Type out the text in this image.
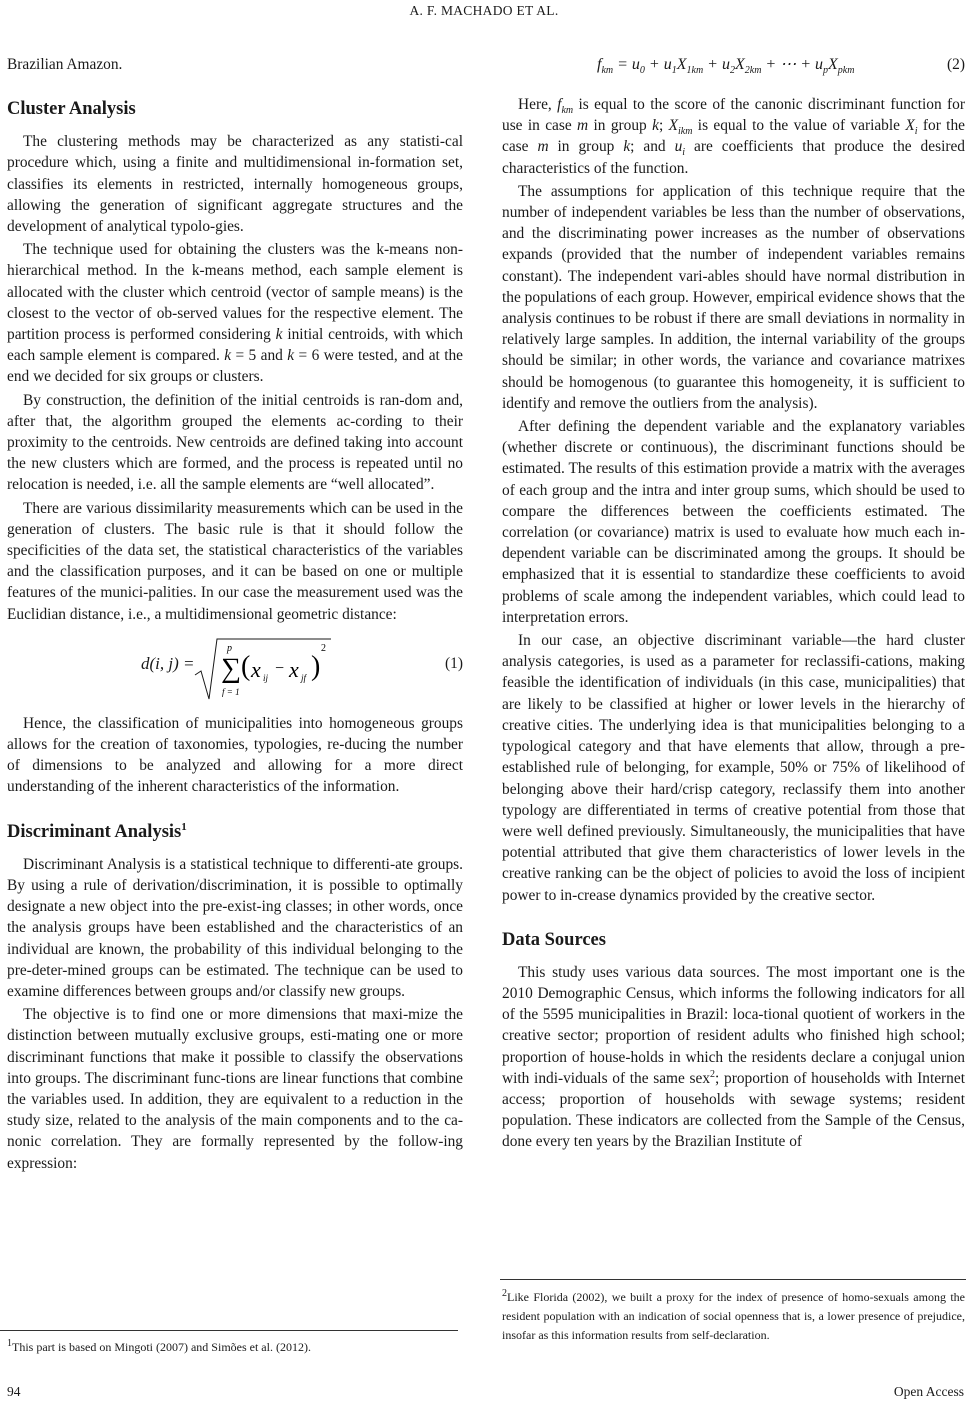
A. F. MACHADO ET AL.

Brazilian Amazon.

Cluster Analysis

The clustering methods may be characterized as any statisti-cal procedure which, using a finite and multidimensional in-formation set, classifies its elements in restricted, internally homogeneous groups, allowing the generation of significant aggregate structures and the development of analytical typolo-gies.

The technique used for obtaining the clusters was the k-means non-hierarchical method. In the k-means method, each sample element is allocated with the cluster which centroid (vector of sample means) is the closest to the vector of ob-served values for the respective element. The partition process is performed considering k initial centroids, with which each sample element is compared. k = 5 and k = 6 were tested, and at the end we decided for six groups or clusters.

By construction, the definition of the initial centroids is ran-dom and, after that, the algorithm grouped the elements ac-cording to their proximity to the centroids. New centroids are defined taking into account the new clusters which are formed, and the process is repeated until no relocation is needed, i.e. all the sample elements are “well allocated”.

There are various dissimilarity measurements which can be used in the generation of clusters. The basic rule is that it should follow the specificities of the data set, the statistical characteristics of the variables and the classification purposes, and it can be based on one or multiple features of the munici-palities. In our case the measurement used was the Euclidian distance, i.e., a multidimensional geometric distance:

d(i, j) =
p
∑
f = 1
( x ij
− x jf )
2
(1)

Hence, the classification of municipalities into homogeneous groups allows for the creation of taxonomies, typologies, re-ducing the number of dimensions to be analyzed and allowing for a more direct understanding of the inherent characteristics of the information.

Discriminant Analysis$^1$

Discriminant Analysis is a statistical technique to differenti-ate groups. By using a rule of derivation/discrimination, it is possible to optimally designate a new object into the pre-exist-ing classes; in other words, once the analysis groups have been established and the characteristics of an individual are known, the probability of this individual belonging to the pre-deter-mined groups can be estimated. The technique can be used to examine differences between groups and/or classify new groups.

The objective is to find one or more dimensions that maxi-mize the distinction between mutually exclusive groups, esti-mating one or more discriminant functions that make it possible to classify the observations into groups. The discriminant func-tions are linear functions that combine the variables used. In addition, they are equivalent to a reduction in the study size, related to the analysis of the main components and to the ca-nonic correlation. They are formally represented by the follow-ing expression:

$^1$This part is based on Mingoti (2007) and Simões et al. (2012).
$f_{km} = u_0 + u_1X_{1km} + u_2X_{2km}$ + ⋯ + $u_pX_{pkm}$	(2)

Here, $f_{km}$ is equal to the score of the canonic discriminant function for use in case m in group k; $X_{ikm}$ is equal to the value of variable $X_i$ for the case m in group k; and $u_i$ are coefficients that produce the desired characteristics of the function.

The assumptions for application of this technique require that the number of independent variables be less than the number of observations, and the discriminating power increases as the number of observations expands (provided that the number of independent variables remains constant). The independent vari-ables should have normal distribution in the populations of each group. However, empirical evidence shows that the analysis continues to be robust if there are small deviations in normality in relatively large samples. In addition, the internal variability of the groups should be similar; in other words, the variance and covariance matrixes should be homogenous (to guarantee this homogeneity, it is sufficient to identify and remove the outliers from the analysis).

After defining the dependent variable and the explanatory variables (whether discrete or continuous), the discriminant functions should be estimated. The results of this estimation provide a matrix with the averages of each group and the intra and inter group sums, which should be used to compare the differences between the coefficients estimated. The correlation (or covariance) matrix is used to evaluate how much each in-dependent variable can be discriminated among the groups. It should be emphasized that it is essential to standardize these coefficients to avoid problems of scale among the independent variables, which could lead to interpretation errors.

In our case, an objective discriminant variable—the hard cluster analysis categories, is used as a parameter for reclassifi-cations, making feasible the identification of individuals (in this case, municipalities) that are likely to be classified at higher or lower levels in the hierarchy of creative cities. The underlying idea is that municipalities belonging to a typological category and that have elements that allow, through a pre-established rule of belonging, for example, 50% or 75% of likelihood of belonging above their hard/crisp category, reclassify them into another typology are differentiated in terms of creative potential from those that were well defined previously. Simultaneously, the municipalities that have potential attributed that give them characteristics of lower levels in the creative ranking can be the object of policies to avoid the loss of incipient power to in-crease dynamics provided by the creative sector.

Data Sources

This study uses various data sources. The most important one is the 2010 Demographic Census, which informs the following indicators for all of the 5595 municipalities in Brazil: loca-tional quotient of workers in the creative sector; proportion of resident adults who finished high school; proportion of house-holds in which the residents declare a conjugal union with indi-viduals of the same sex$^2$; proportion of households with Internet access; proportion of households with sewage systems; resident population. These indicators are collected from the Sample of the Census, done every ten years by the Brazilian Institute of

$^2$Like Florida (2002), we built a proxy for the index of presence of homo-sexuals among the resident population with an indication of social openness that is, a lower presence of prejudice, insofar as this information results from self-declaration.
94	Open Access
